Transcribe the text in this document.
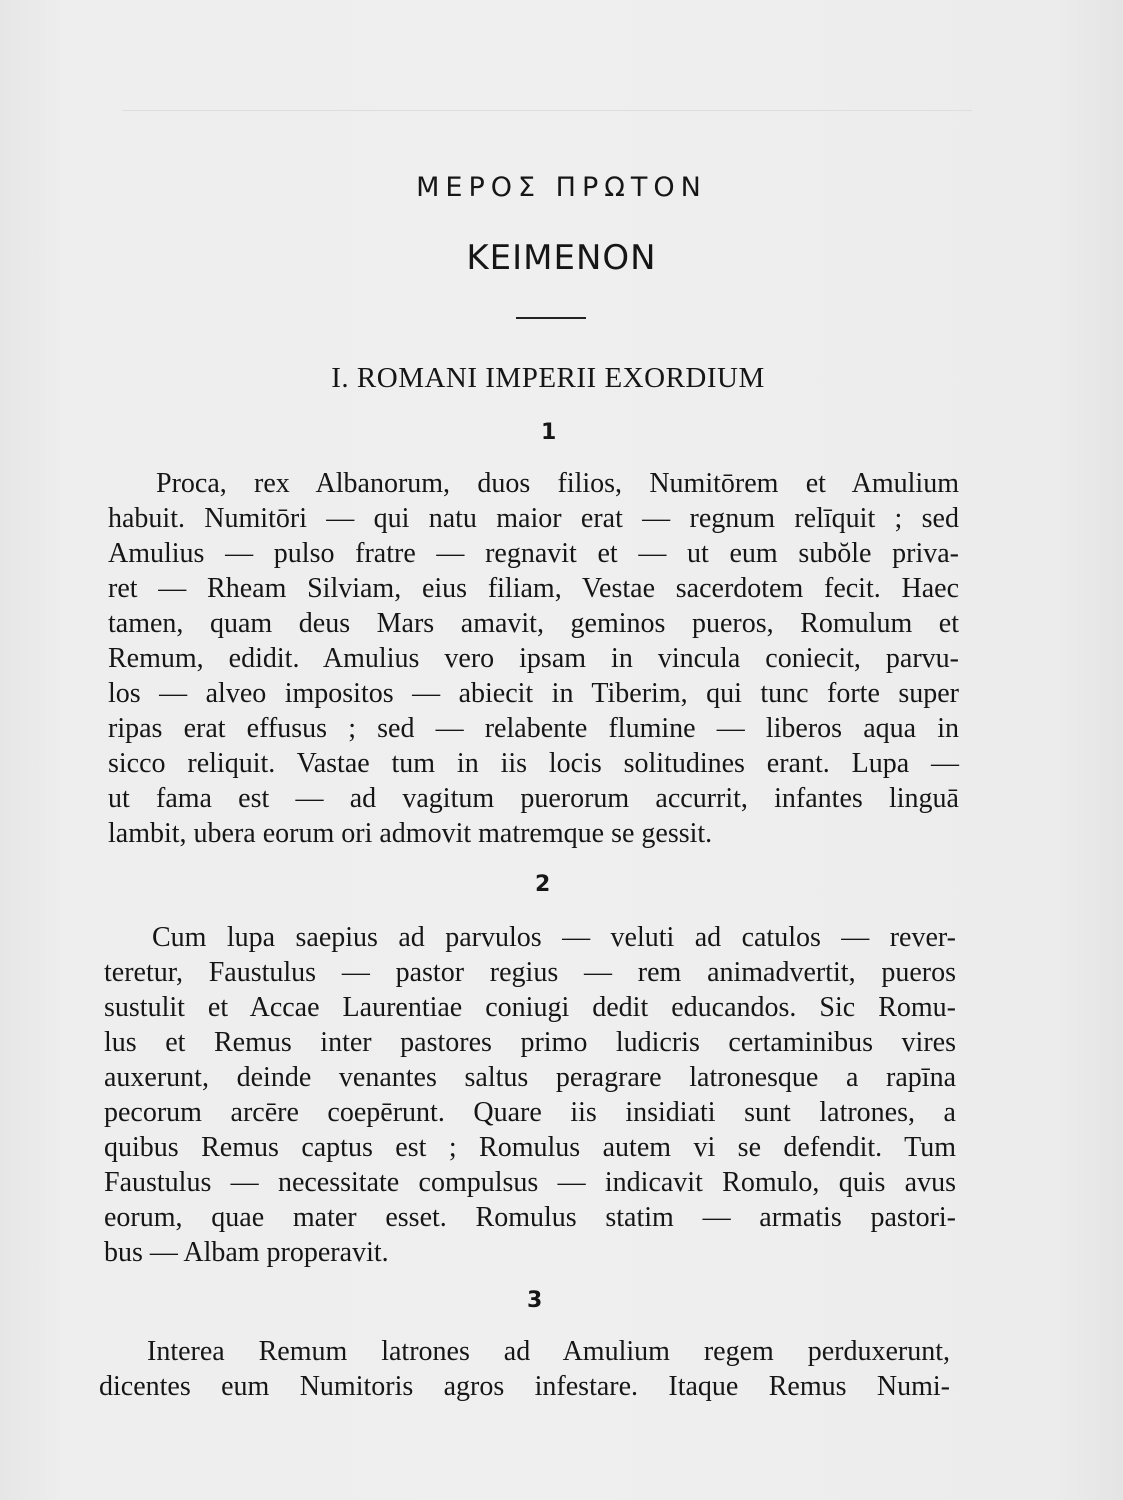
ΜΕΡΟΣ ΠΡΩΤΟΝ
ΚΕΙΜΕΝΟΝ
I. ROMANI IMPERII EXORDIUM
1
Proca, rex Albanorum, duos filios, Numitōrem et Amulium
habuit. Numitōri — qui natu maior erat — regnum relīquit ; sed
Amulius — pulso fratre — regnavit et — ut eum subŏle priva-
ret — Rheam Silviam, eius filiam, Vestae sacerdotem fecit. Haec
tamen, quam deus Mars amavit, geminos pueros, Romulum et
Remum, edidit. Amulius vero ipsam in vincula coniecit, parvu-
los — alveo impositos — abiecit in Tiberim, qui tunc forte super
ripas erat effusus ; sed — relabente flumine — liberos aqua in
sicco reliquit. Vastae tum in iis locis solitudines erant. Lupa —
ut fama est — ad vagitum puerorum accurrit, infantes linguā
lambit, ubera eorum ori admovit matremque se gessit.
2
Cum lupa saepius ad parvulos — veluti ad catulos — rever-
teretur, Faustulus — pastor regius — rem animadvertit, pueros
sustulit et Accae Laurentiae coniugi dedit educandos. Sic Romu-
lus et Remus inter pastores primo ludicris certaminibus vires
auxerunt, deinde venantes saltus peragrare latronesque a rapīna
pecorum arcēre coepērunt. Quare iis insidiati sunt latrones, a
quibus Remus captus est ; Romulus autem vi se defendit. Tum
Faustulus — necessitate compulsus — indicavit Romulo, quis avus
eorum, quae mater esset. Romulus statim — armatis pastori-
bus — Albam properavit.
3
Interea Remum latrones ad Amulium regem perduxerunt,
dicentes eum Numitoris agros infestare. Itaque Remus Numi-
